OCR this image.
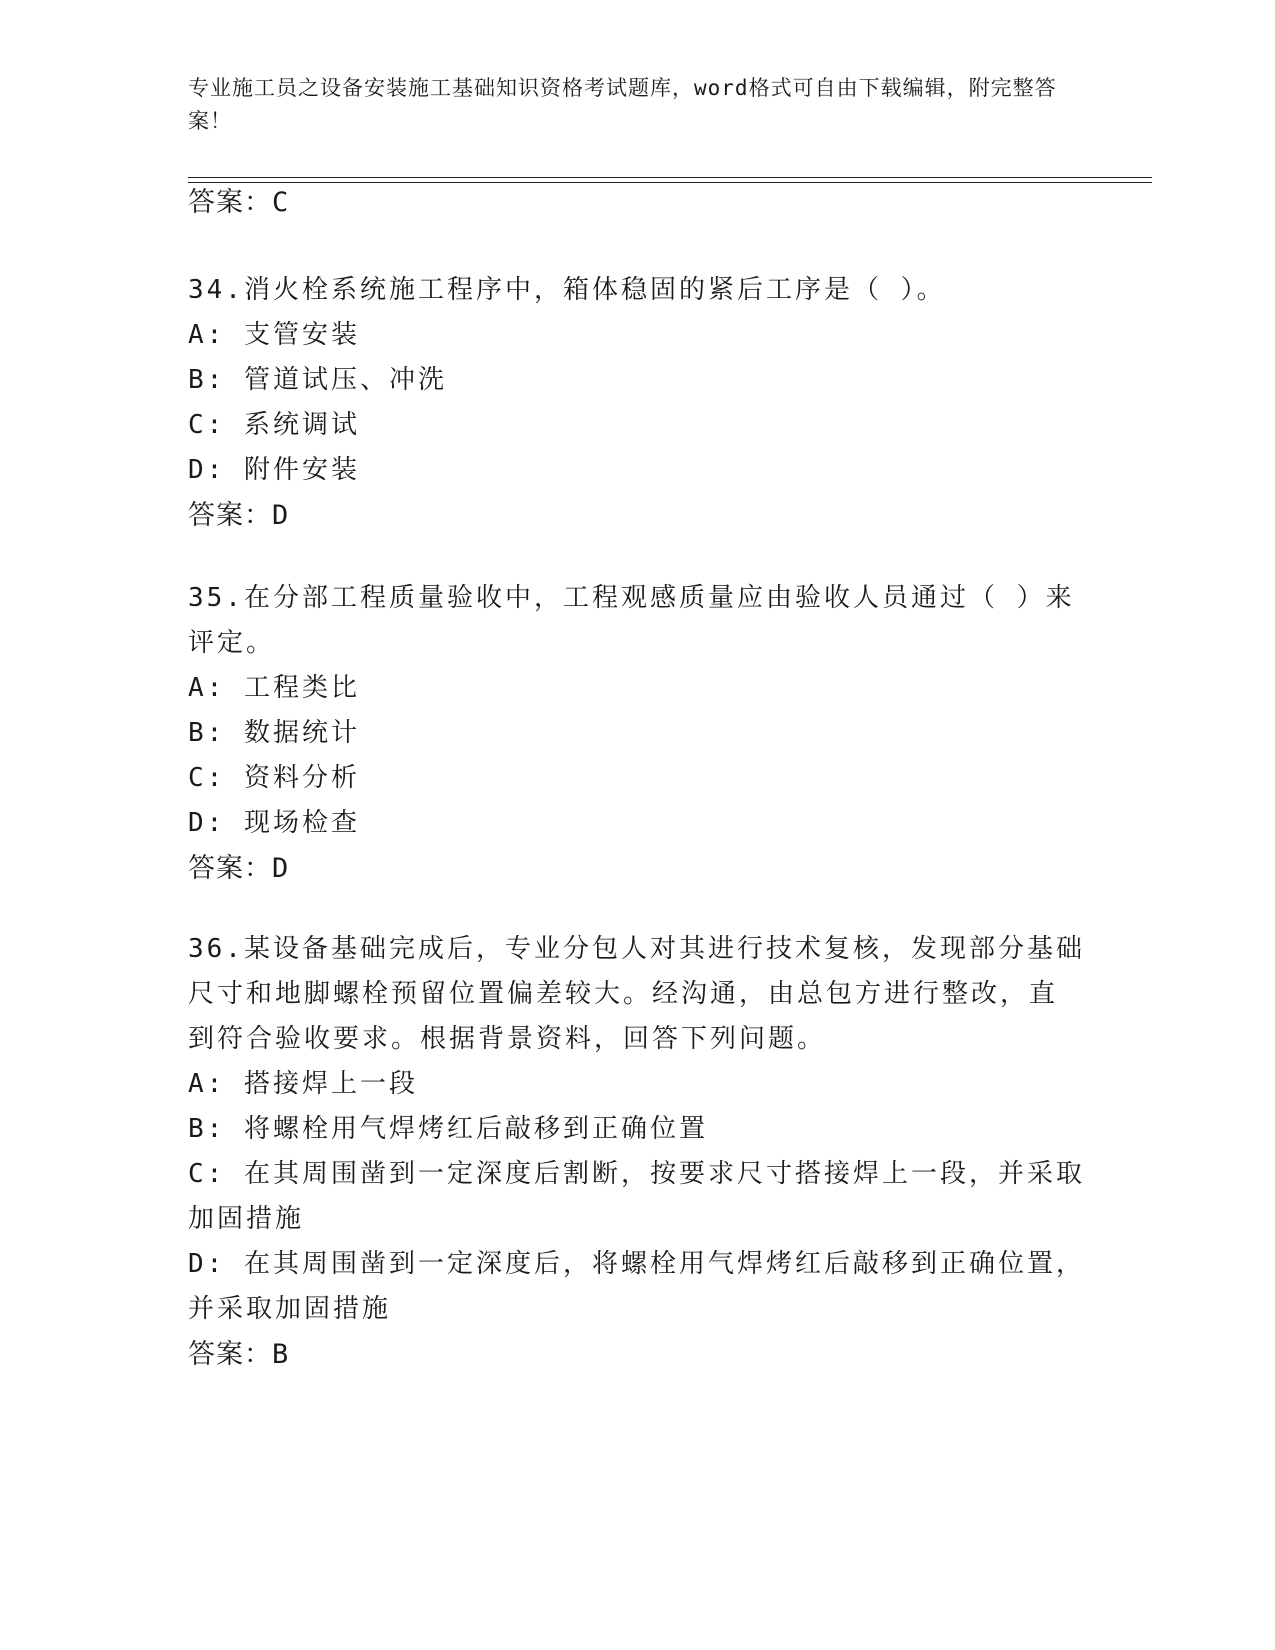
专业施工员之设备安装施工基础知识资格考试题库，word格式可自由下载编辑，附完整答案！
答案：C
34.消火栓系统施工程序中，箱体稳固的紧后工序是（ ）。
A: 支管安装
B: 管道试压、冲洗
C: 系统调试
D: 附件安装
答案：D
35.在分部工程质量验收中，工程观感质量应由验收人员通过（ ）来
评定。
A: 工程类比
B: 数据统计
C: 资料分析
D: 现场检查
答案：D
36.某设备基础完成后，专业分包人对其进行技术复核，发现部分基础
尺寸和地脚螺栓预留位置偏差较大。经沟通，由总包方进行整改，直
到符合验收要求。根据背景资料，回答下列问题。
A: 搭接焊上一段
B: 将螺栓用气焊烤红后敲移到正确位置
C: 在其周围凿到一定深度后割断，按要求尺寸搭接焊上一段，并采取
加固措施
D: 在其周围凿到一定深度后，将螺栓用气焊烤红后敲移到正确位置，
并采取加固措施
答案：B
